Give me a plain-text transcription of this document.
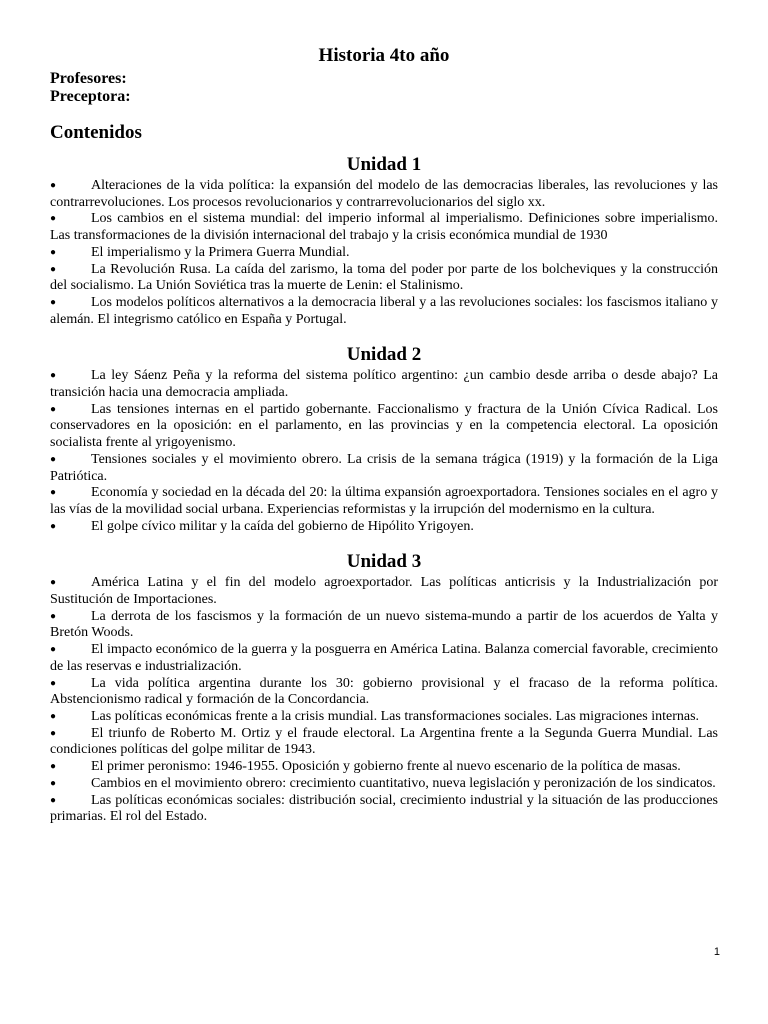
Historia 4to año
Profesores:
Preceptora:
Contenidos
Unidad 1
●	Alteraciones de la vida política: la expansión del modelo de las democracias liberales, las revoluciones y las contrarrevoluciones. Los procesos revolucionarios y contrarrevolucionarios del siglo xx.
●	Los cambios en el sistema mundial: del imperio informal al imperialismo. Definiciones sobre imperialismo. Las transformaciones de la división internacional del trabajo y la crisis económica mundial de 1930
●	El imperialismo y la Primera Guerra Mundial.
●	La Revolución Rusa. La caída del zarismo, la toma del poder por parte de los bolcheviques y la construcción del socialismo. La Unión Soviética tras la muerte de Lenin: el Stalinismo.
●	Los modelos políticos alternativos a la democracia liberal y a las revoluciones sociales: los fascismos italiano y alemán. El integrismo católico en España y Portugal.
Unidad 2
●	La ley Sáenz Peña y la reforma del sistema político argentino: ¿un cambio desde arriba o desde abajo? La transición hacia una democracia ampliada.
●	Las tensiones internas en el partido gobernante. Faccionalismo y fractura de la Unión Cívica Radical. Los conservadores en la oposición: en el parlamento, en las provincias y en la competencia electoral. La oposición socialista frente al yrigoyenismo.
●	Tensiones sociales y el movimiento obrero. La crisis de la semana trágica (1919) y la formación de la Liga Patriótica.
●	Economía y sociedad en la década del 20: la última expansión agroexportadora. Tensiones sociales en el agro y las vías de la movilidad social urbana. Experiencias reformistas y la irrupción del modernismo en la cultura.
●	El golpe cívico militar y la caída del gobierno de Hipólito Yrigoyen.
Unidad 3
●	América Latina y el fin del modelo agroexportador. Las políticas anticrisis y la Industrialización por Sustitución de Importaciones.
●	La derrota de los fascismos y la formación de un nuevo sistema-mundo a partir de los acuerdos de Yalta y Bretón Woods.
●	El impacto económico de la guerra y la posguerra en América Latina. Balanza comercial favorable, crecimiento de las reservas e industrialización.
●	La vida política argentina durante los 30: gobierno provisional y el fracaso de la reforma política. Abstencionismo radical y formación de la Concordancia.
●	Las políticas económicas frente a la crisis mundial. Las transformaciones sociales. Las migraciones internas.
●	El triunfo de Roberto M. Ortiz y el fraude electoral. La Argentina frente a la Segunda Guerra Mundial. Las condiciones políticas del golpe militar de 1943.
●	El primer peronismo: 1946-1955. Oposición y gobierno frente al nuevo escenario de la política de masas.
●	Cambios en el movimiento obrero: crecimiento cuantitativo, nueva legislación y peronización de los sindicatos.
●	Las políticas económicas sociales: distribución social, crecimiento industrial y la situación de las producciones primarias. El rol del Estado.
1
